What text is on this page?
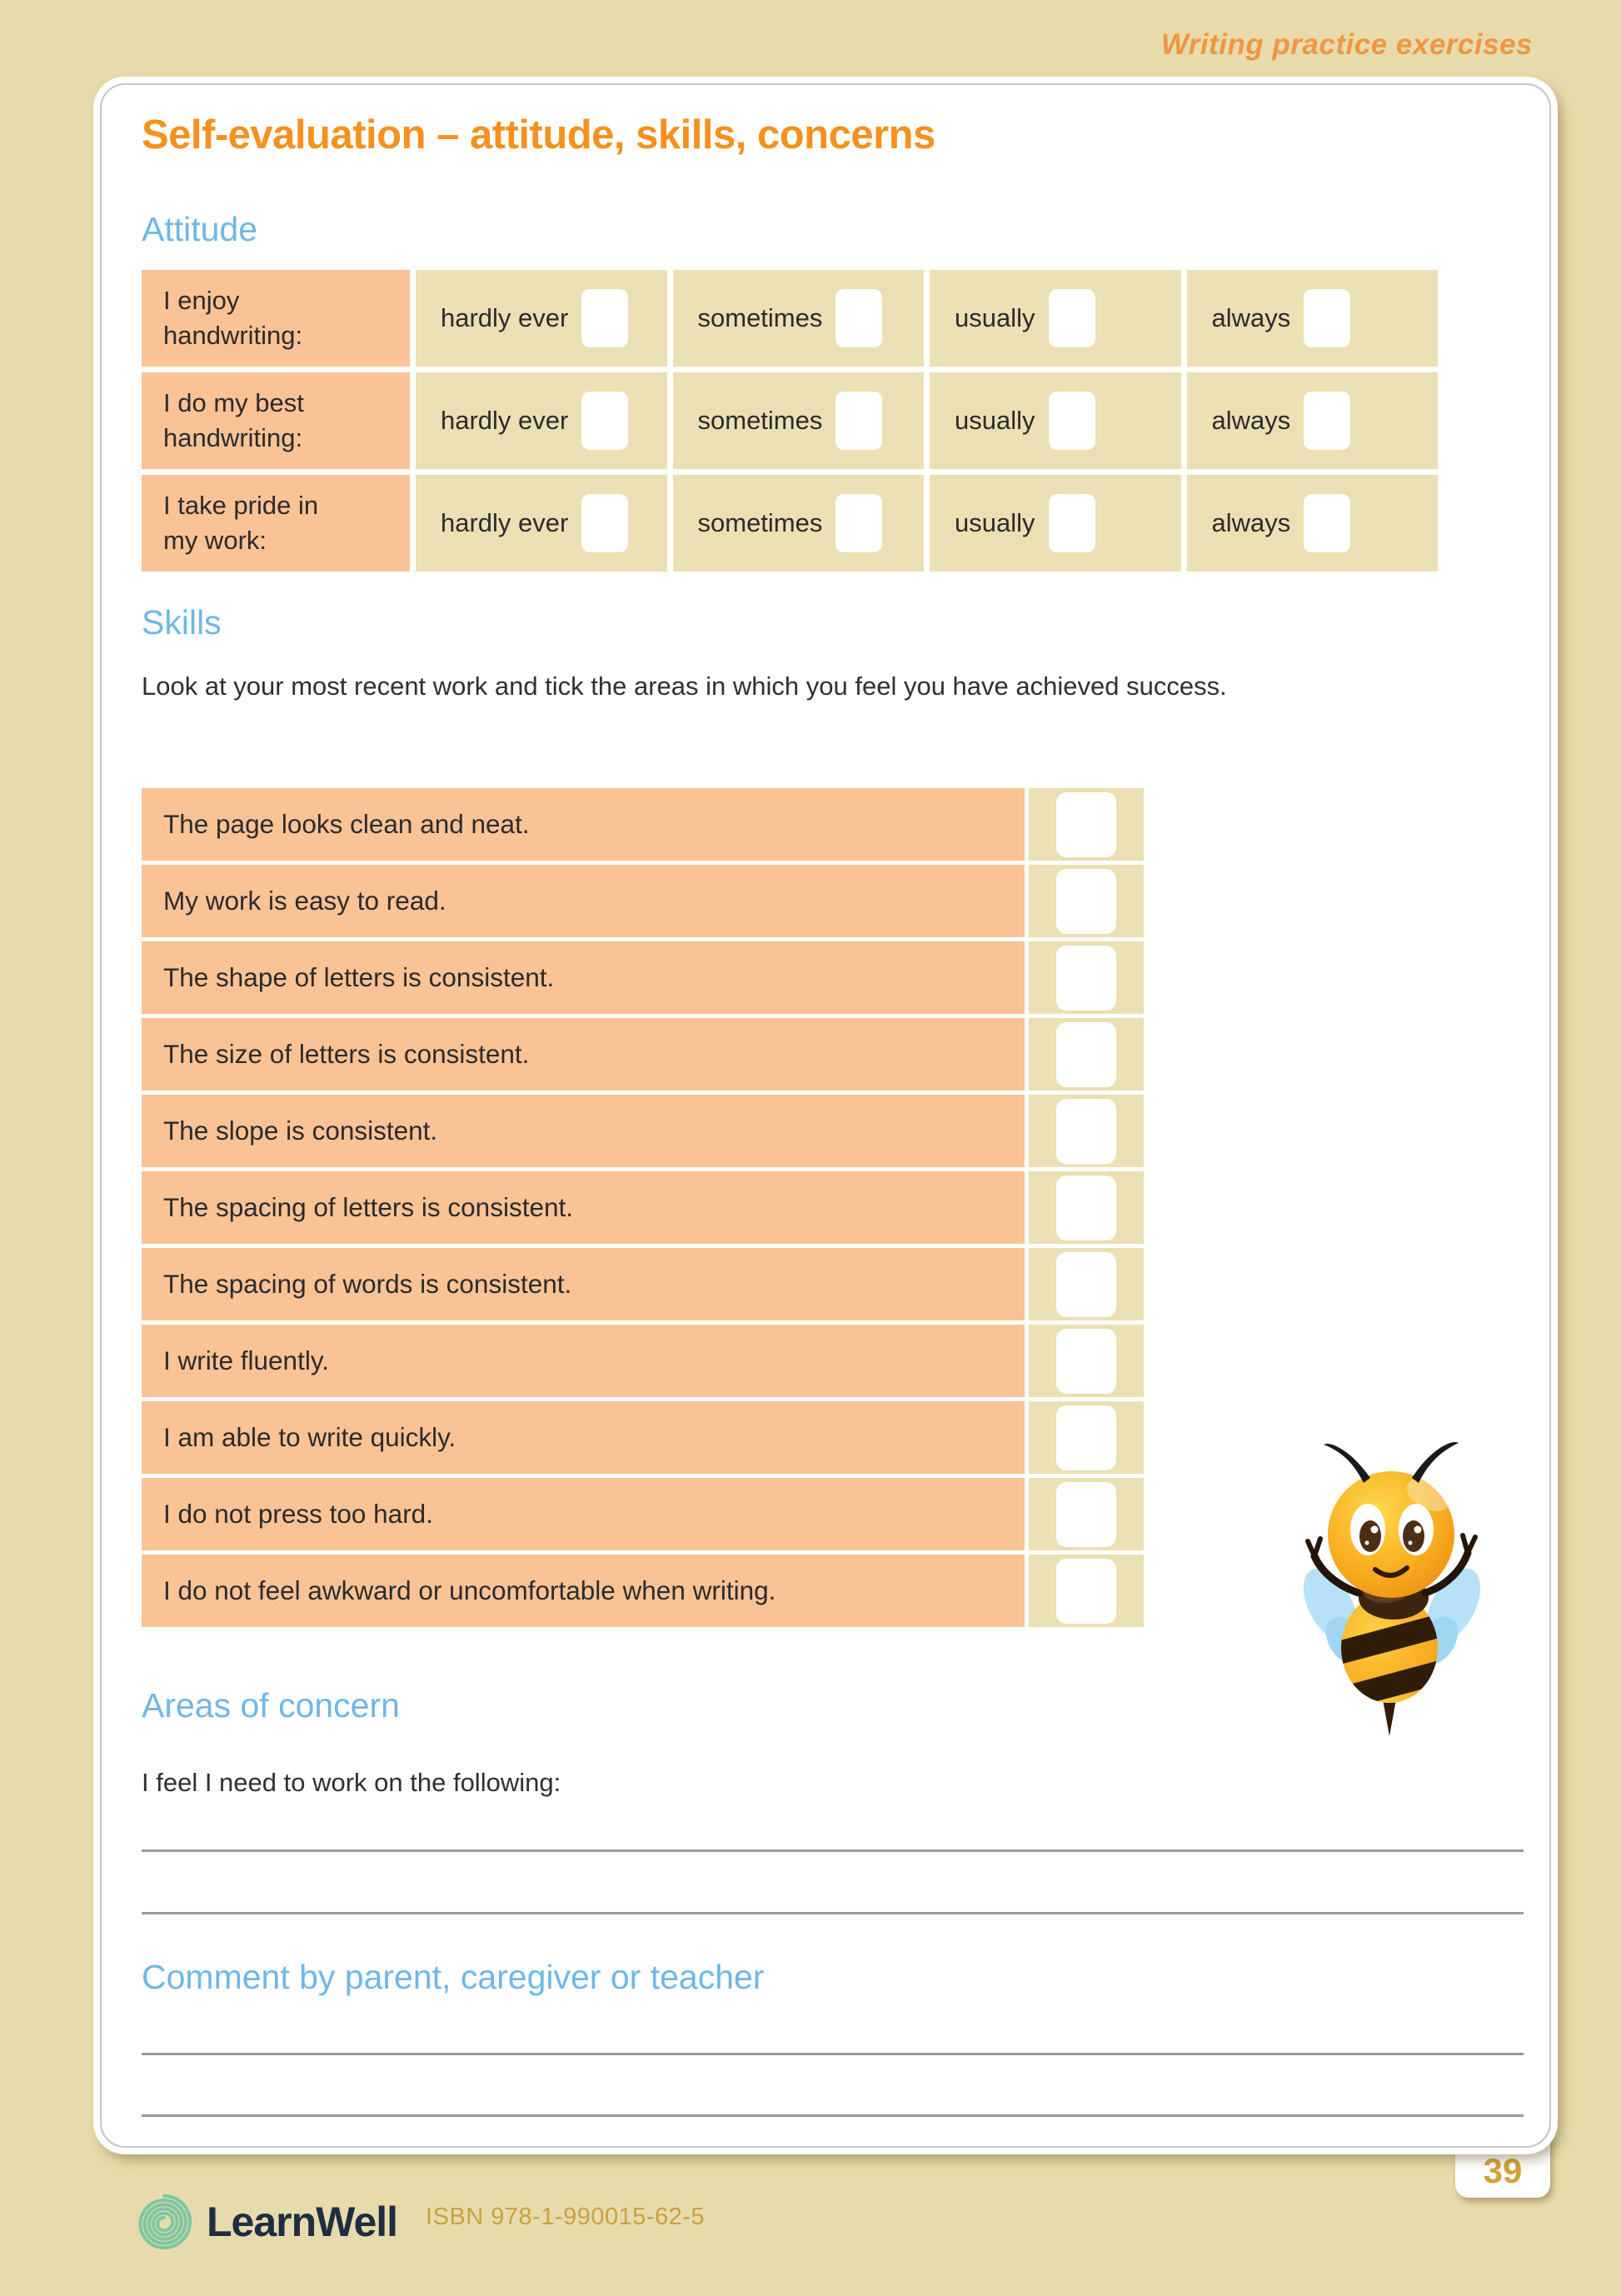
Writing practice exercises
39
Self-evaluation – attitude, skills, concerns
Attitude
I enjoy handwriting:
hardly ever	sometimes	usually	always
I do my best handwriting:
hardly ever	sometimes	usually	always
I take pride in my work:
hardly ever	sometimes	usually	always
Skills
Look at your most recent work and tick the areas in which you feel you have achieved success.
The page looks clean and neat.
My work is easy to read.
The shape of letters is consistent.
The size of letters is consistent.
The slope is consistent.
The spacing of letters is consistent.
The spacing of words is consistent.
I write fluently.
I am able to write quickly.
I do not press too hard.
I do not feel awkward or uncomfortable when writing.
Areas of concern
I feel I need to work on the following:
Comment by parent, caregiver or teacher
LearnWell ISBN 978-1-990015-62-5
